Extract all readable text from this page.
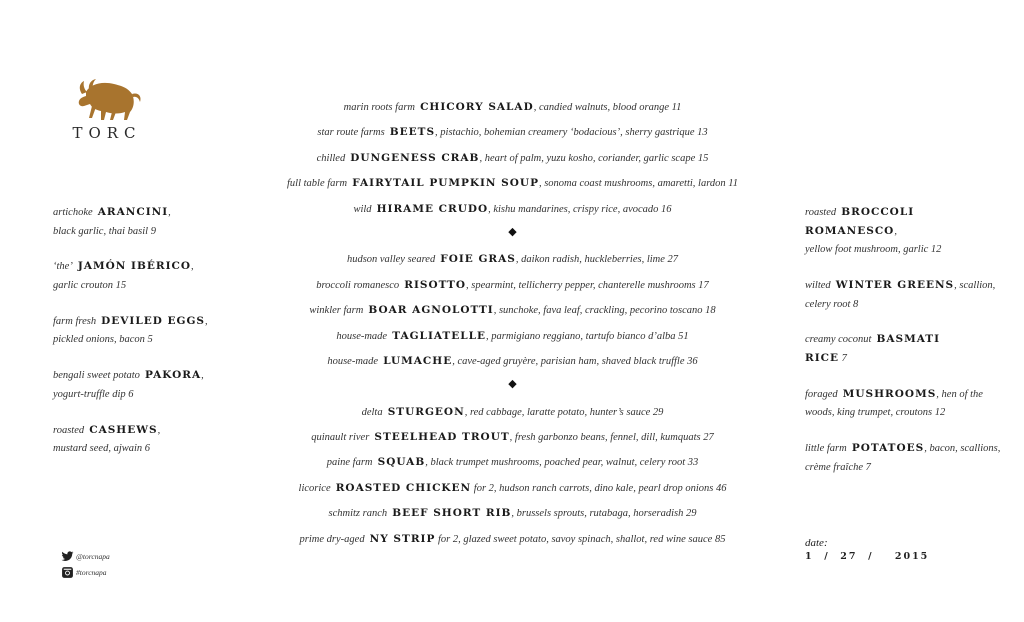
TORC
marin roots farm CHICORY SALAD, candied walnuts, blood orange 11
star route farms BEETS, pistachio, bohemian creamery ‘bodacious’, sherry gastrique 13
chilled DUNGENESS CRAB, heart of palm, yuzu kosho, coriander, garlic scape 15
full table farm FAIRYTAIL PUMPKIN SOUP, sonoma coast mushrooms, amaretti, lardon 11
wild HIRAME CRUDO, kishu mandarines, crispy rice, avocado 16
◆
hudson valley seared FOIE GRAS, daikon radish, huckleberries, lime 27
broccoli romanesco RISOTTO, spearmint, tellicherry pepper, chanterelle mushrooms 17
winkler farm BOAR AGNOLOTTI, sunchoke, fava leaf, crackling, pecorino toscano 18
house-made TAGLIATELLE, parmigiano reggiano, tartufo bianco d’alba 51
house-made LUMACHE, cave-aged gruyère, parisian ham, shaved black truffle 36
◆
delta STURGEON, red cabbage, laratte potato, hunter’s sauce 29
quinault river STEELHEAD TROUT, fresh garbonzo beans, fennel, dill, kumquats 27
paine farm SQUAB, black trumpet mushrooms, poached pear, walnut, celery root 33
licorice ROASTED CHICKEN for 2, hudson ranch carrots, dino kale, pearl drop onions 46
schmitz ranch BEEF SHORT RIB, brussels sprouts, rutabaga, horseradish 29
prime dry-aged NY STRIP for 2, glazed sweet potato, savoy spinach, shallot, red wine sauce 85
artichoke ARANCINI,
black garlic, thai basil 9
‘the’ JAMÓN IBÉRICO,
garlic crouton 15
farm fresh DEVILED EGGS,
pickled onions, bacon 5
bengali sweet potato PAKORA,
yogurt-truffle dip 6
roasted CASHEWS,
mustard seed, ajwain 6
roasted BROCCOLI ROMANESCO,
yellow foot mushroom, garlic 12
wilted WINTER GREENS, scallion,
celery root 8
creamy coconut BASMATI
RICE 7
foraged MUSHROOMS, hen of the
woods, king trumpet, croutons 12
little farm POTATOES, bacon, scallions,
crème fraîche 7
@torcnapa
#torcnapa
date:
1  /  27  /    2015
